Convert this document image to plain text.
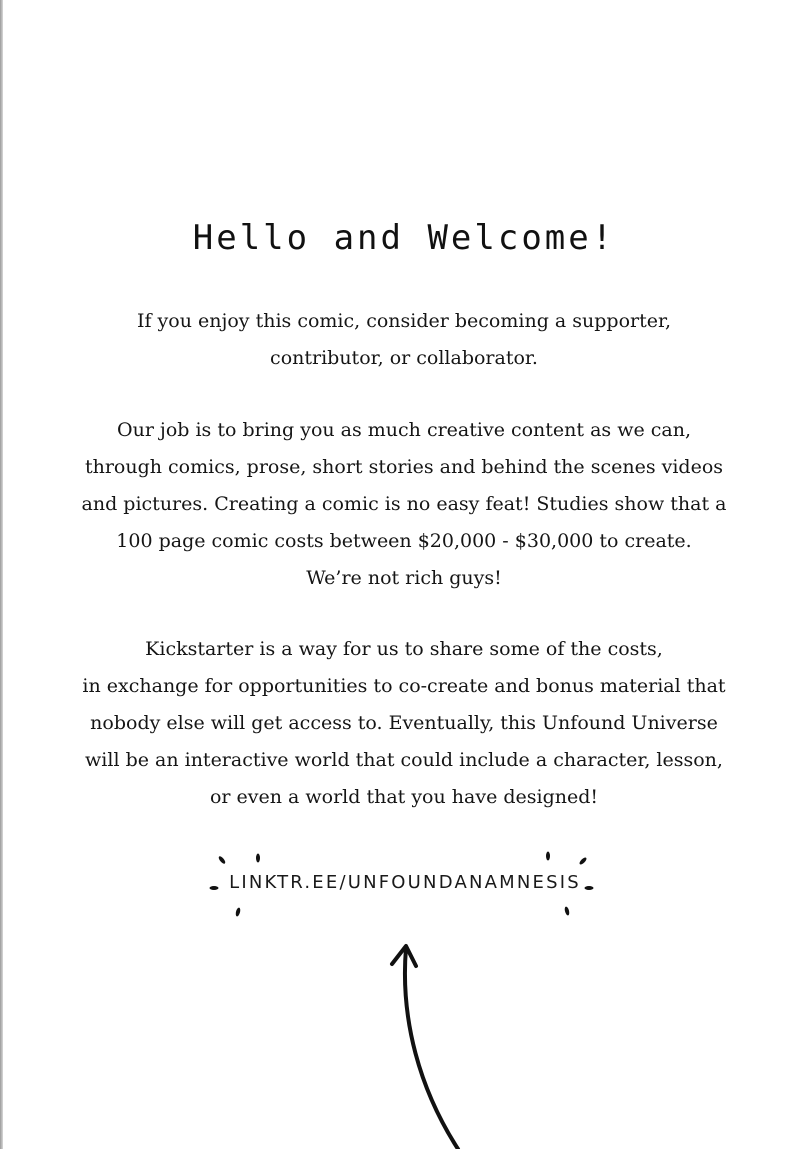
Hello and Welcome!
If you enjoy this comic, consider becoming a supporter,
contributor, or collaborator.
Our job is to bring you as much creative content as we can,
through comics, prose, short stories and behind the scenes videos
and pictures. Creating a comic is no easy feat! Studies show that a
100 page comic costs between $20,000 - $30,000 to create.
We’re not rich guys!
Kickstarter is a way for us to share some of the costs,
in exchange for opportunities to co-create and bonus material that
nobody else will get access to. Eventually, this Unfound Universe
will be an interactive world that could include a character, lesson,
or even a world that you have designed!
LINKTR.EE/UNFOUNDANAMNESIS
